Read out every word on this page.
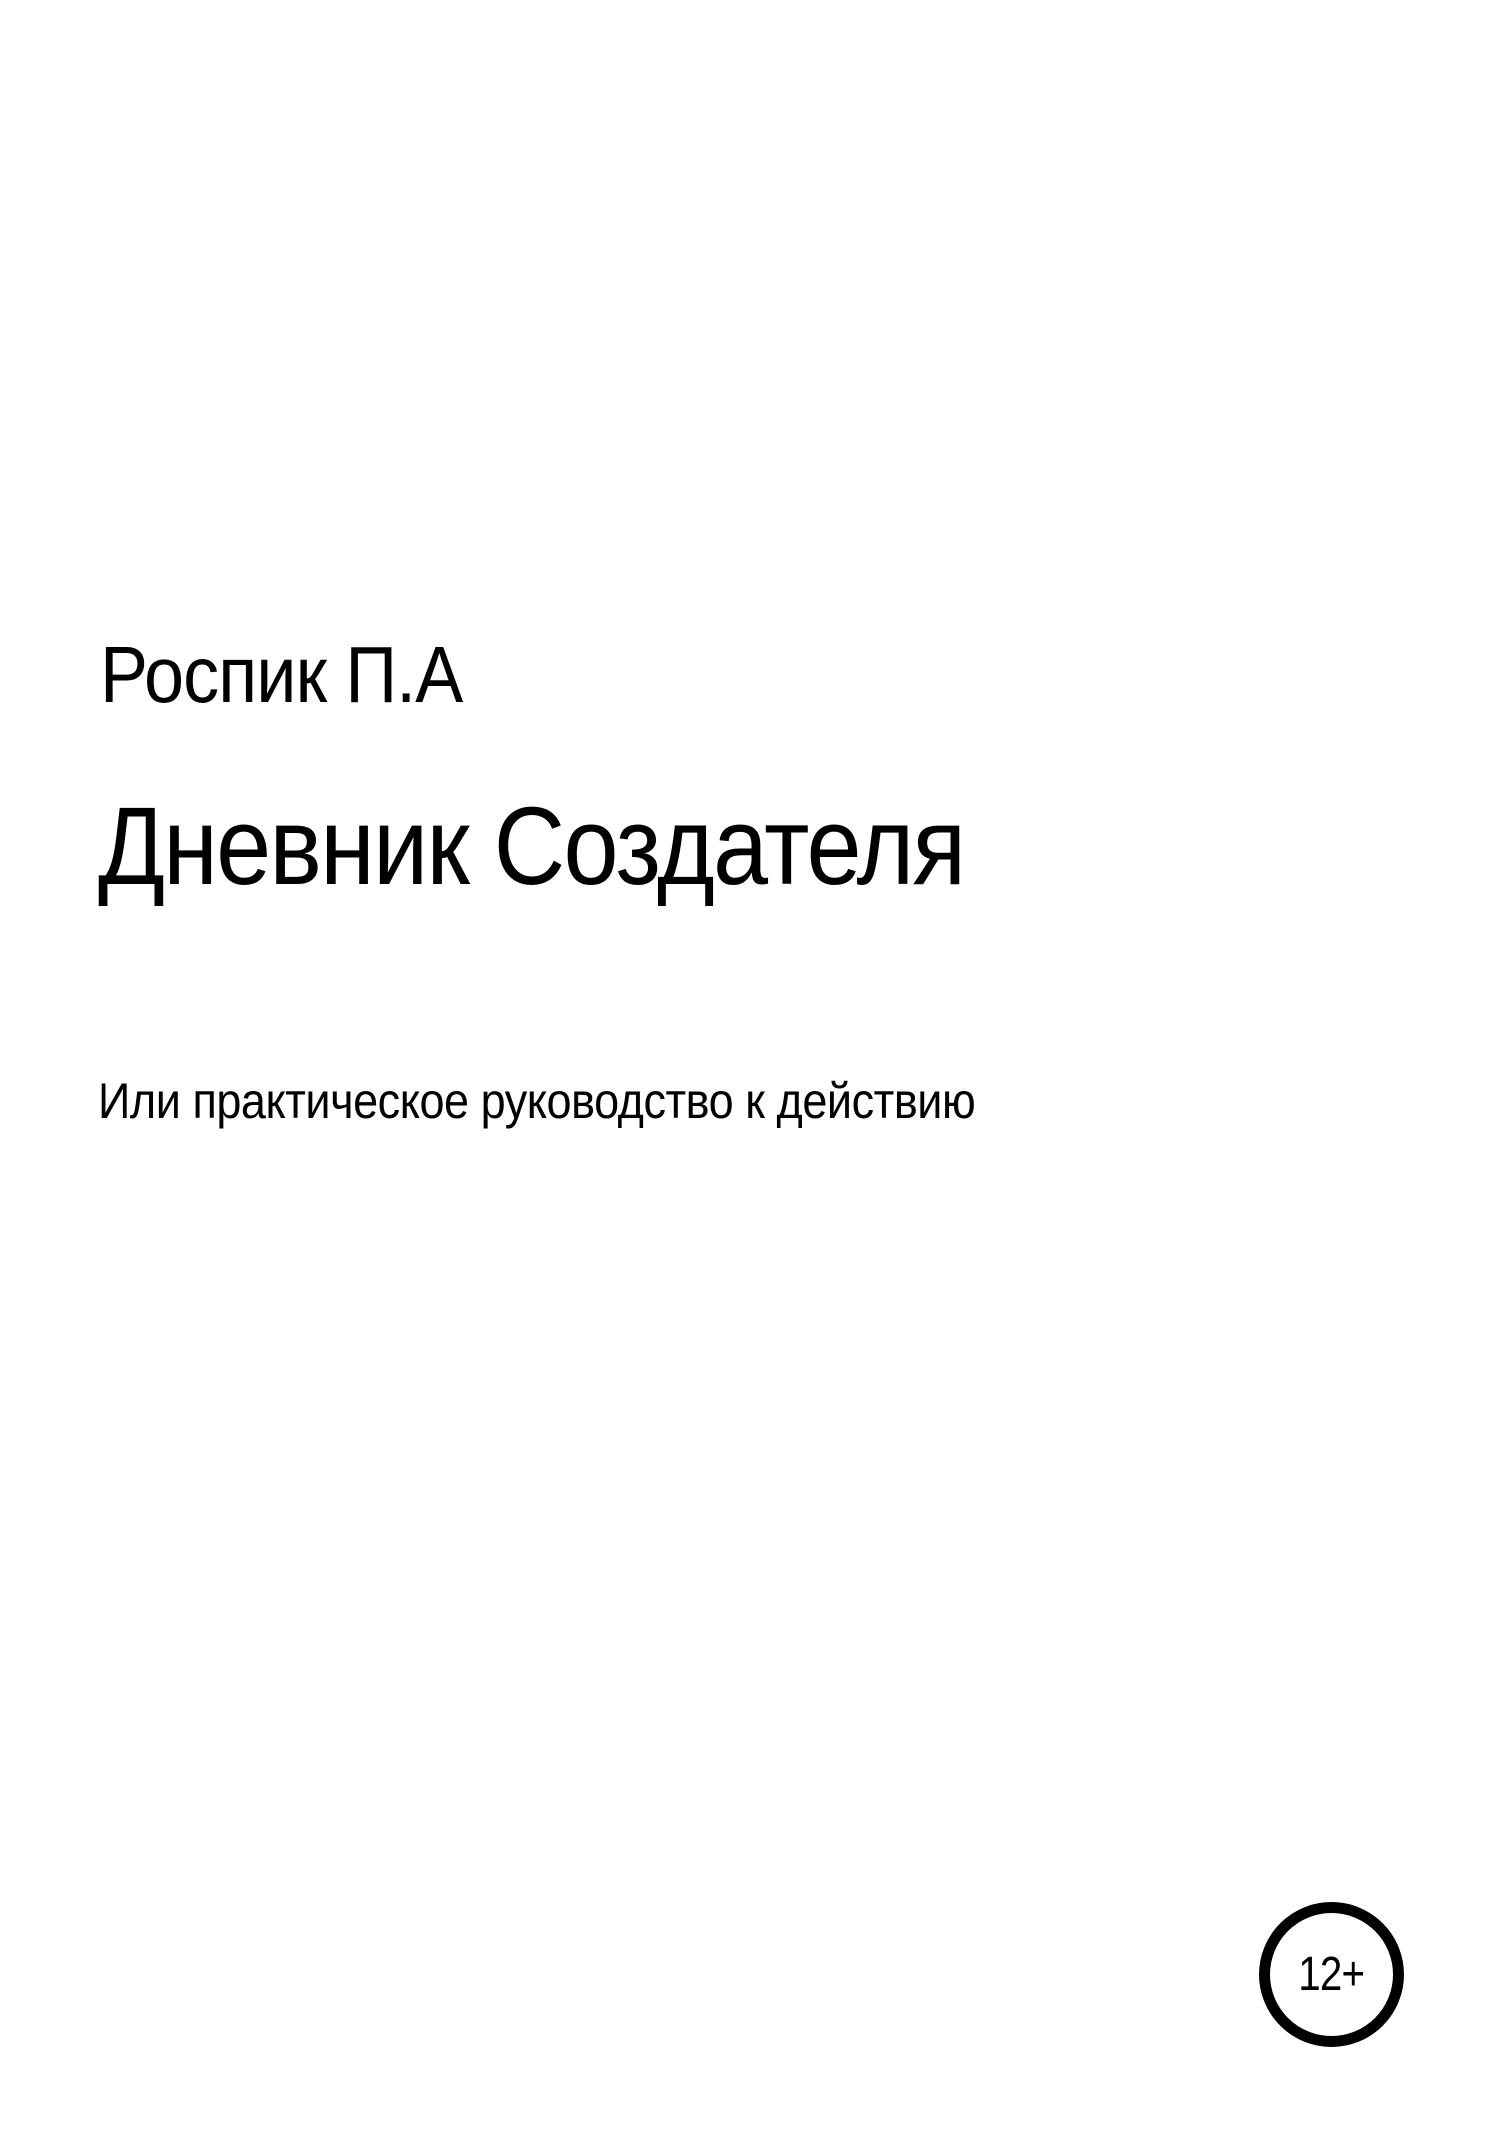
Роспик П.А
Дневник Создателя
Или практическое руководство к действию
12+
